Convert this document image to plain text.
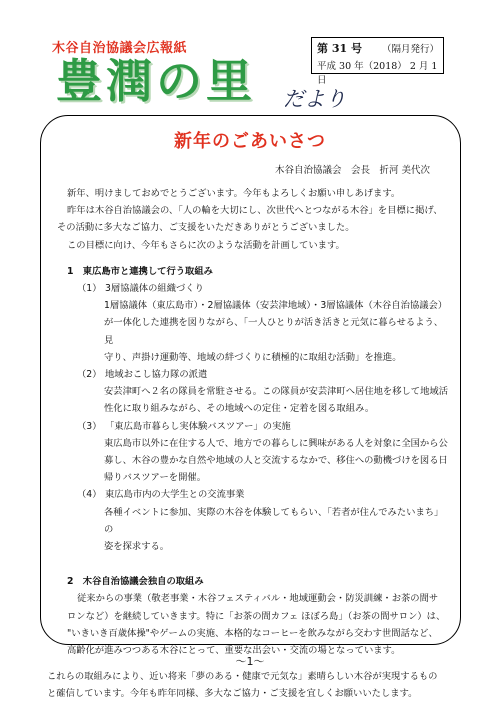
木谷自治協議会広報紙
豊潤の里 だより
第 31 号 （隔月発行）
平成 30 年（2018） 2 月 1 日
新年のごあいさつ
木谷自治協議会　会長　折河 美代次

新年、明けましておめでとうございます。今年もよろしくお願い申しあげます。

昨年は木谷自治協議会の、「人の輪を大切にし、次世代へとつながる木谷」を目標に掲げ、

その活動に多大なご協力、ご支援をいただきありがとうございました。

この目標に向け、今年もさらに次のような活動を計画しています。

1　東広島市と連携して行う取組み

（1） 3層協議体の組織づくり

1層協議体（東広島市）・2層協議体（安芸津地域）・3層協議体（木谷自治協議会）

が一体化した連携を図りながら、「一人ひとりが活き活きと元気に暮らせるよう、見

守り、声掛け運動等、地域の絆づくりに積極的に取組む活動」を推進。

（2） 地域おこし協力隊の派遣

安芸津町へ２名の隊員を常駐させる。この隊員が安芸津町へ居住地を移して地域活

性化に取り組みながら、その地域への定住・定着を図る取組み。

（3） 「東広島市暮らし実体験バスツアー」の実施

東広島市以外に在住する人で、地方での暮らしに興味がある人を対象に全国から公

募し、木谷の豊かな自然や地域の人と交流するなかで、移住への動機づけを図る日

帰りバスツアーを開催。

（4） 東広島市内の大学生との交流事業

各種イベントに参加、実際の木谷を体験してもらい、「若者が住んでみたいまち」の

姿を探求する。

2　木谷自治協議会独自の取組み

従来からの事業（敬老事業・木谷フェスティバル・地域運動会・防災訓練・お茶の間サ

ロンなど）を継続していきます。特に「お茶の間カフェ ほぼろ島」（お茶の間サロン）は、

"いきいき百歳体操"やゲームの実施、本格的なコーヒーを飲みながら交わす世間話など、

高齢化が進みつつある木谷にとって、重要な出会い・交流の場となっています。

これらの取組みにより、近い将来「夢のある・健康で元気な」素晴らしい木谷が実現するもの

と確信しています。今年も昨年同様、多大なご協力・ご支援を宜しくお願いいたします。

～1～
